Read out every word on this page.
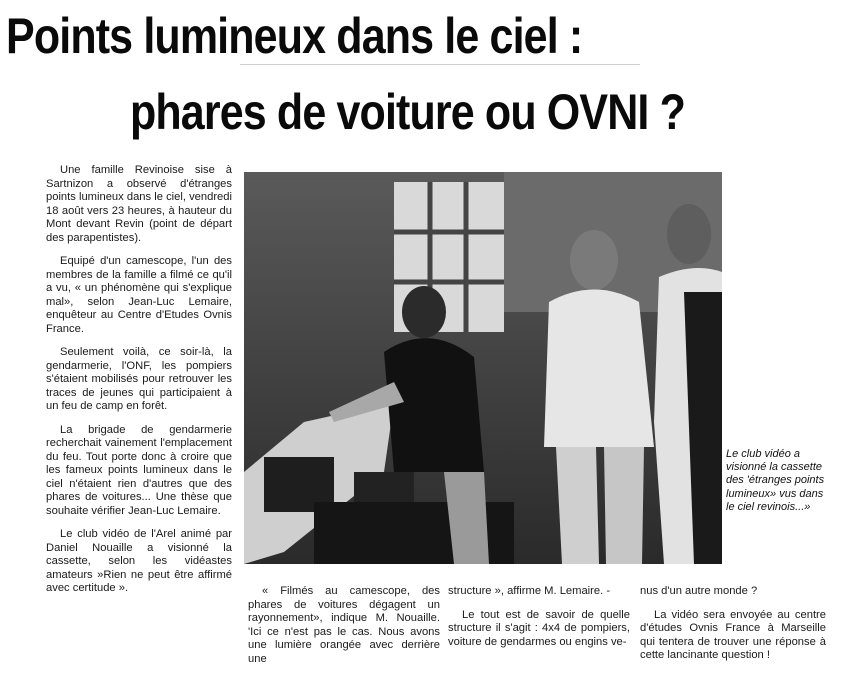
Points lumineux dans le ciel :
phares de voiture ou OVNI ?

Une famille Revinoise sise à Sartnizon a observé d'étranges points lumineux dans le ciel, vendredi 18 août vers 23 heures, à hauteur du Mont devant Revin (point de départ des parapentistes).

Equipé d'un camescope, l'un des membres de la famille a filmé ce qu'il a vu, « un phénomène qui s'explique mal», selon Jean-Luc Lemaire, enquêteur au Centre d'Etudes Ovnis France.

Seulement voilà, ce soir-là, la gendarmerie, l'ONF, les pompiers s'étaient mobilisés pour retrouver les traces de jeunes qui participaient à un feu de camp en forêt.

La brigade de gendarmerie recherchait vainement l'emplacement du feu. Tout porte donc à croire que les fameux points lumineux dans le ciel n'étaient rien d'autres que des phares de voitures... Une thèse que souhaite vérifier Jean-Luc Lemaire.

Le club vidéo de l'Arel animé par Daniel Nouaille a visionné la cassette, selon les vidéastes amateurs »Rien ne peut être affirmé avec certitude ».

Le club vidéo a visionné la cassette des 'étranges points lumineux» vus dans le ciel revinois...»

« Filmés au camescope, des phares de voitures dégagent un rayonnement», indique M. Nouaille. 'Ici ce n'est pas le cas. Nous avons une lumière orangée avec derrière une

structure », affirme M. Lemaire. -

Le tout est de savoir de quelle structure il s'agit : 4x4 de pompiers, voiture de gendarmes ou engins ve-

nus d'un autre monde ?

La vidéo sera envoyée au centre d'études Ovnis France à Marseille qui tentera de trouver une réponse à cette lancinante question !
